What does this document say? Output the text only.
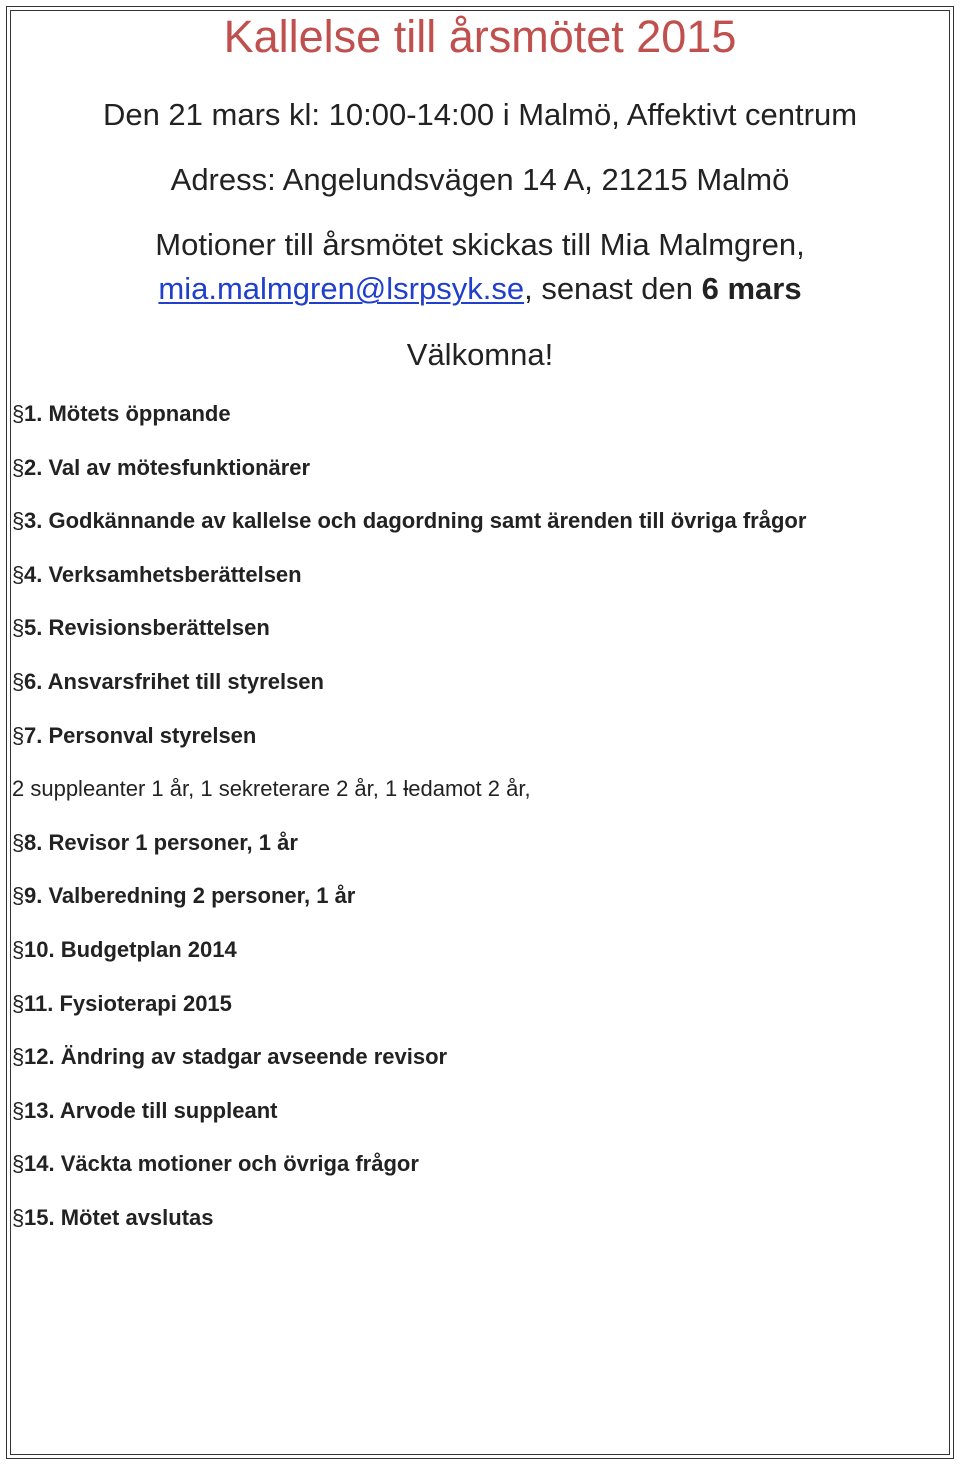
Kallelse till årsmötet 2015
Den 21 mars kl: 10:00-14:00 i Malmö, Affektivt centrum
Adress: Angelundsvägen 14 A, 21215 Malmö
Motioner till årsmötet skickas till Mia Malmgren,
mia.malmgren@lsrpsyk.se, senast den 6 mars
Välkomna!
§1. Mötets öppnande
§2. Val av mötesfunktionärer
§3. Godkännande av kallelse och dagordning samt ärenden till övriga frågor
§4. Verksamhetsberättelsen
§5. Revisionsberättelsen
§6. Ansvarsfrihet till styrelsen
§7. Personval styrelsen
2 suppleanter 1 år, 1 sekreterare 2 år, 1 ledamot 2 år,
§8. Revisor 1 personer, 1 år
§9. Valberedning 2 personer, 1 år
§10. Budgetplan 2014
§11. Fysioterapi 2015
§12. Ändring av stadgar avseende revisor
§13. Arvode till suppleant
§14. Väckta motioner och övriga frågor
§15. Mötet avslutas
